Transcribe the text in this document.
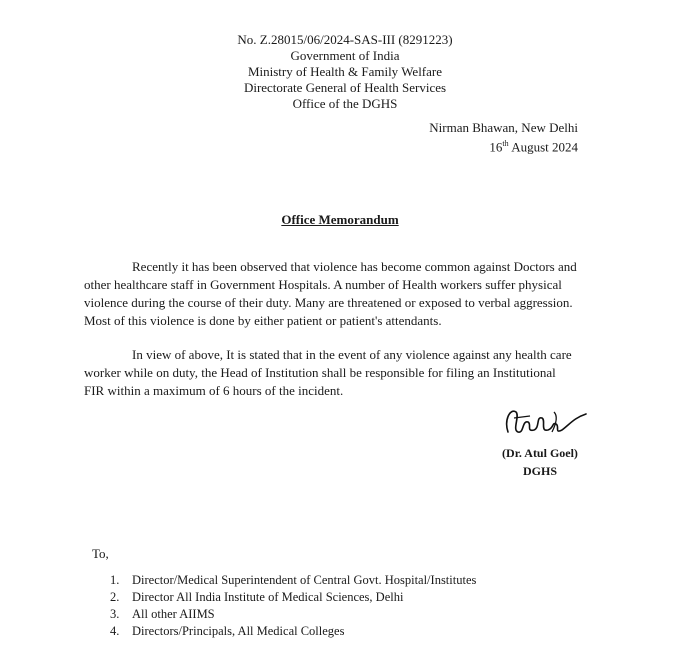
No. Z.28015/06/2024-SAS-III (8291223)
Government of India
Ministry of Health & Family Welfare
Directorate General of Health Services
Office of the DGHS
Nirman Bhawan, New Delhi
16th August 2024
Office Memorandum
Recently it has been observed that violence has become common against Doctors and
other healthcare staff in Government Hospitals. A number of Health workers suffer physical
violence during the course of their duty. Many are threatened or exposed to verbal aggression.
Most of this violence is done by either patient or patient's attendants.
In view of above, It is stated that in the event of any violence against any health care
worker while on duty, the Head of Institution shall be responsible for filing an Institutional
FIR within a maximum of 6 hours of the incident.
(Dr. Atul Goel)
DGHS
To,
1. Director/Medical Superintendent of Central Govt. Hospital/Institutes
2. Director All India Institute of Medical Sciences, Delhi
3. All other AIIMS
4. Directors/Principals, All Medical Colleges
